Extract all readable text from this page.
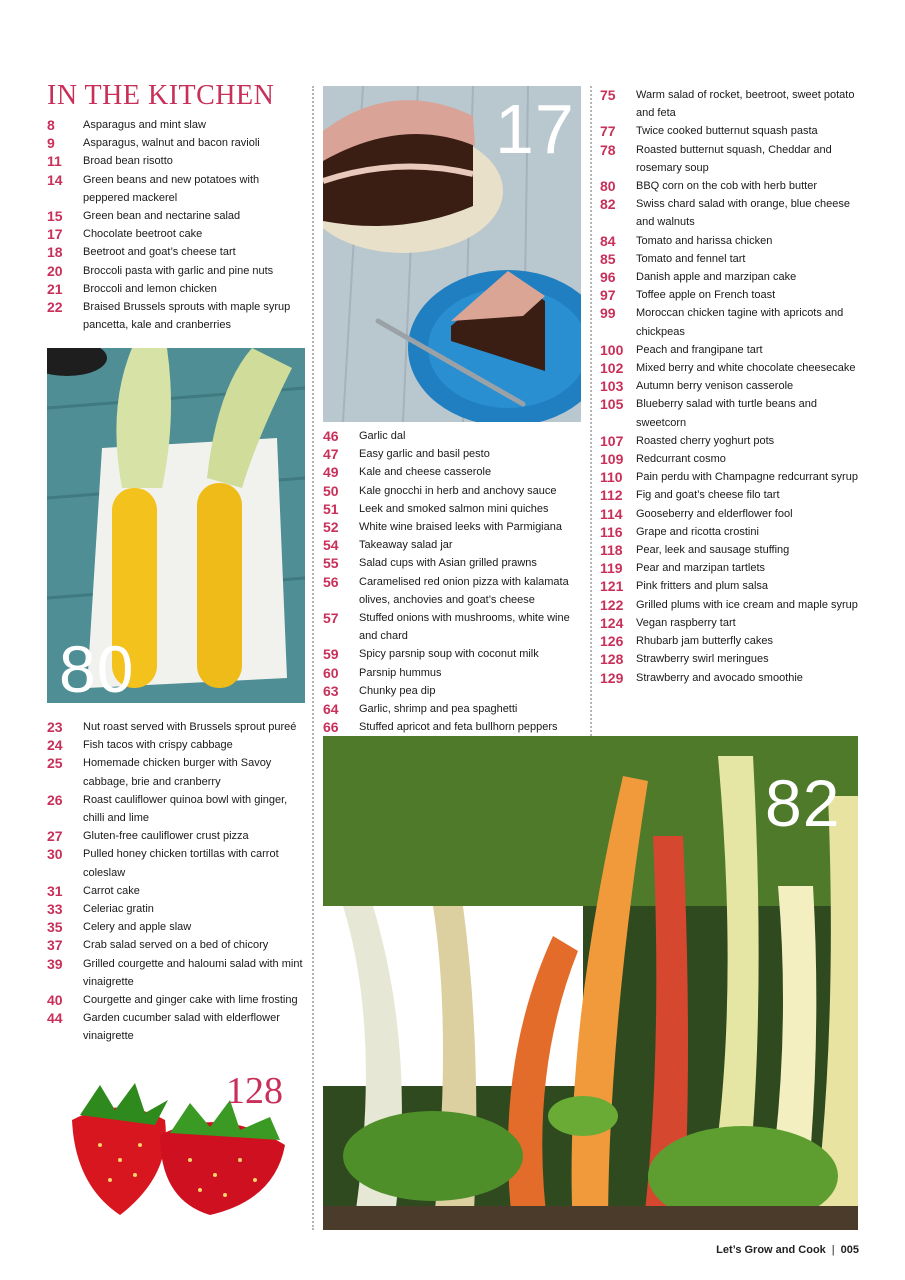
IN THE KITCHEN
8	Asparagus and mint slaw
9	Asparagus, walnut and bacon ravioli
11	Broad bean risotto
14	Green beans and new potatoes with peppered mackerel
15	Green bean and nectarine salad
17	Chocolate beetroot cake
18	Beetroot and goat’s cheese tart
20	Broccoli pasta with garlic and pine nuts
21	Broccoli and lemon chicken
22	Braised Brussels sprouts with maple syrup pancetta, kale and cranberries
23	Nut roast served with Brussels sprout pureé
24	Fish tacos with crispy cabbage
25	Homemade chicken burger with Savoy cabbage, brie and cranberry
26	Roast cauliflower quinoa bowl with ginger, chilli and lime
27	Gluten-free cauliflower crust pizza
30	Pulled honey chicken tortillas with carrot coleslaw
31	Carrot cake
33	Celeriac gratin
35	Celery and apple slaw
37	Crab salad served on a bed of chicory
39	Grilled courgette and haloumi salad with mint vinaigrette
40	Courgette and ginger cake with lime frosting
44	Garden cucumber salad with elderflower vinaigrette
46	Garlic dal
47	Easy garlic and basil pesto
49	Kale and cheese casserole
50	Kale gnocchi in herb and anchovy sauce
51	Leek and smoked salmon mini quiches
52	White wine braised leeks with Parmigiana
54	Takeaway salad jar
55	Salad cups with Asian grilled prawns
56	Caramelised red onion pizza with kalamata olives, anchovies and goat’s cheese
57	Stuffed onions with mushrooms, white wine and chard
59	Spicy parsnip soup with coconut milk
60	Parsnip hummus
63	Chunky pea dip
64	Garlic, shrimp and pea spaghetti
66	Stuffed apricot and feta bullhorn peppers
75	Warm salad of rocket, beetroot, sweet potato and feta
77	Twice cooked butternut squash pasta
78	Roasted butternut squash, Cheddar and rosemary soup
80	BBQ corn on the cob with herb butter
82	Swiss chard salad with orange, blue cheese and walnuts
84	Tomato and harissa chicken
85	Tomato and fennel tart
96	Danish apple and marzipan cake
97	Toffee apple on French toast
99	Moroccan chicken tagine with apricots and chickpeas
100	Peach and frangipane tart
102	Mixed berry and white chocolate cheesecake
103	Autumn berry venison casserole
105	Blueberry salad with turtle beans and sweetcorn
107	Roasted cherry yoghurt pots
109	Redcurrant cosmo
110	Pain perdu with Champagne redcurrant syrup
112	Fig and goat’s cheese filo tart
114	Gooseberry and elderflower fool
116	Grape and ricotta crostini
118	Pear, leek and sausage stuffing
119	Pear and marzipan tartlets
121	Pink fritters and plum salsa
122	Grilled plums with ice cream and maple syrup
124	Vegan raspberry tart
126	Rhubarb jam butterfly cakes
128	Strawberry swirl meringues
129	Strawberry and avocado smoothie
17
80
82
128
Let’s Grow and Cook | 005
